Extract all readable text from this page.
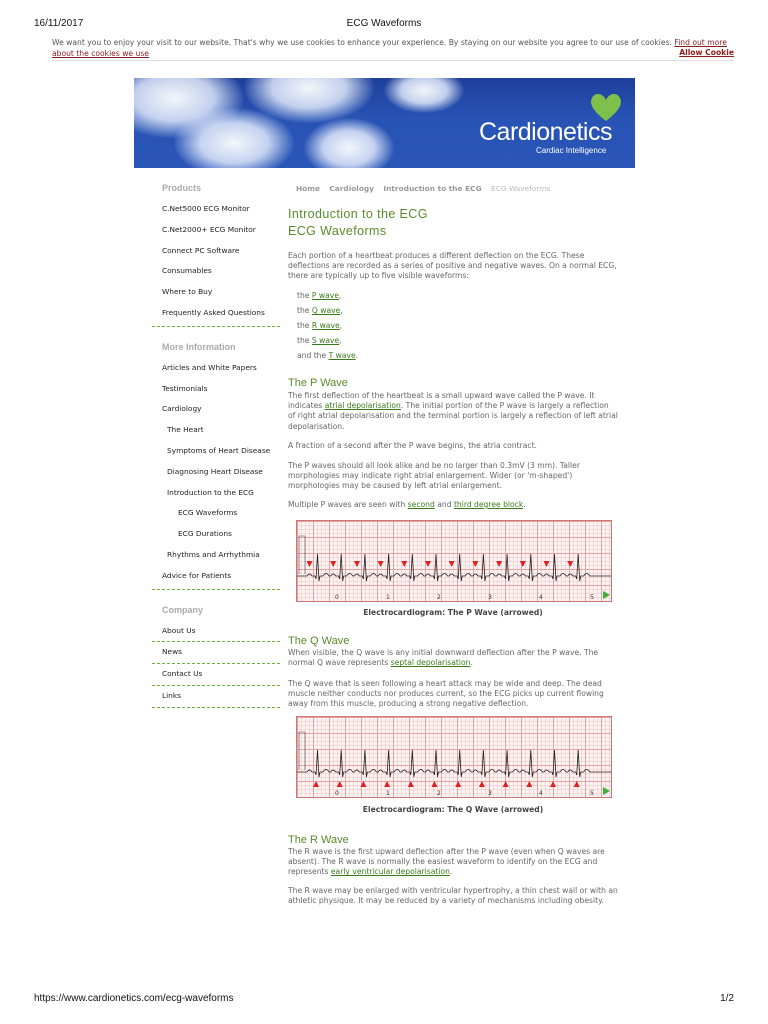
16/11/2017	ECG Waveforms
We want you to enjoy your visit to our website. That's why we use cookies to enhance your experience. By staying on our website you agree to our use of cookies. Find out more about the cookies we use	Allow Cookie
Cardionetics
Cardiac Intelligence
Products
C.Net5000 ECG Monitor
C.Net2000+ ECG Monitor
Connect PC Software
Consumables
Where to Buy
Frequently Asked Questions
More Information
Articles and White Papers
Testimonials
Cardiology
The Heart
Symptoms of Heart Disease
Diagnosing Heart Disease
Introduction to the ECG
ECG Waveforms
ECG Durations
Rhythms and Arrhythmia
Advice for Patients
Company
About Us
News
Contact Us
Links
Home Cardiology Introduction to the ECG ECG Waveforms
Introduction to the ECG
ECG Waveforms
Each portion of a heartbeat produces a different deflection on the ECG. These deflections are recorded as a series of positive and negative waves. On a normal ECG, there are typically up to five visible waveforms:
the P wave,
the Q wave,
the R wave,
the S wave,
and the T wave.
The P Wave
The first deflection of the heartbeat is a small upward wave called the P wave. It indicates atrial depolarisation. The initial portion of the P wave is largely a reflection of right atrial depolarisation and the terminal portion is largely a reflection of left atrial depolarisation.
A fraction of a second after the P wave begins, the atria contract.
The P waves should all look alike and be no larger than 0.3mV (3 mm). Taller morphologies may indicate right atrial enlargement. Wider (or 'm-shaped') morphologies may be caused by left atrial enlargement.
Multiple P waves are seen with second and third degree block.
0	1	2	3	4	5
Electrocardiogram: The P Wave (arrowed)
The Q Wave
When visible, the Q wave is any initial downward deflection after the P wave. The normal Q wave represents septal depolarisation.
The Q wave that is seen following a heart attack may be wide and deep. The dead muscle neither conducts nor produces current, so the ECG picks up current flowing away from this muscle, producing a strong negative deflection.
0	1	2	3	4	5
Electrocardiogram: The Q Wave (arrowed)
The R Wave
The R wave is the first upward deflection after the P wave (even when Q waves are absent). The R wave is normally the easiest waveform to identify on the ECG and represents early ventricular depolarisation.
The R wave may be enlarged with ventricular hypertrophy, a thin chest wall or with an athletic physique. It may be reduced by a variety of mechanisms including obesity.
https://www.cardionetics.com/ecg-waveforms	1/2
